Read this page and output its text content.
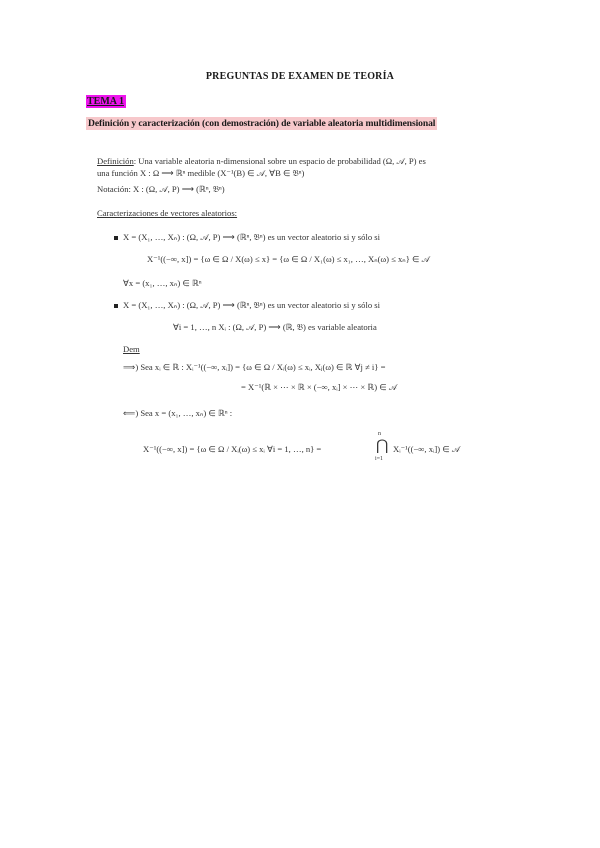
PREGUNTAS DE EXAMEN DE TEORÍA
TEMA 1
Definición y caracterización (con demostración) de variable aleatoria multidimensional
Definición: Una variable aleatoria n-dimensional sobre un espacio de probabilidad (Ω, 𝒜, P) es
una función X : Ω ⟶ ℝⁿ medible (X⁻¹(B) ∈ 𝒜, ∀B ∈ 𝔅ⁿ)
Notación: X : (Ω, 𝒜, P) ⟶ (ℝⁿ, 𝔅ⁿ)
Caracterizaciones de vectores aleatorios:
X = (X₁, …, Xₙ) : (Ω, 𝒜, P) ⟶ (ℝⁿ, 𝔅ⁿ) es un vector aleatorio si y sólo si
X⁻¹((−∞, x]) = {ω ∈ Ω / X(ω) ≤ x} = {ω ∈ Ω / X₁(ω) ≤ x₁, …, Xₙ(ω) ≤ xₙ} ∈ 𝒜
∀x = (x₁, …, xₙ) ∈ ℝⁿ
X = (X₁, …, Xₙ) : (Ω, 𝒜, P) ⟶ (ℝⁿ, 𝔅ⁿ) es un vector aleatorio si y sólo si
∀i = 1, …, n Xᵢ : (Ω, 𝒜, P) ⟶ (ℝ, 𝔅) es variable aleatoria
Dem
⟹) Sea xᵢ ∈ ℝ : Xᵢ⁻¹((−∞, xᵢ]) = {ω ∈ Ω / Xᵢ(ω) ≤ xᵢ, Xⱼ(ω) ∈ ℝ ∀j ≠ i} =
= X⁻¹(ℝ × ⋯ × ℝ × (−∞, xᵢ] × ⋯ × ℝ) ∈ 𝒜
⟸) Sea x = (x₁, …, xₙ) ∈ ℝⁿ :
X⁻¹((−∞, x]) = {ω ∈ Ω / Xᵢ(ω) ≤ xᵢ ∀i = 1, …, n} =
n
⋂
i=1
Xᵢ⁻¹((−∞, xᵢ]) ∈ 𝒜
